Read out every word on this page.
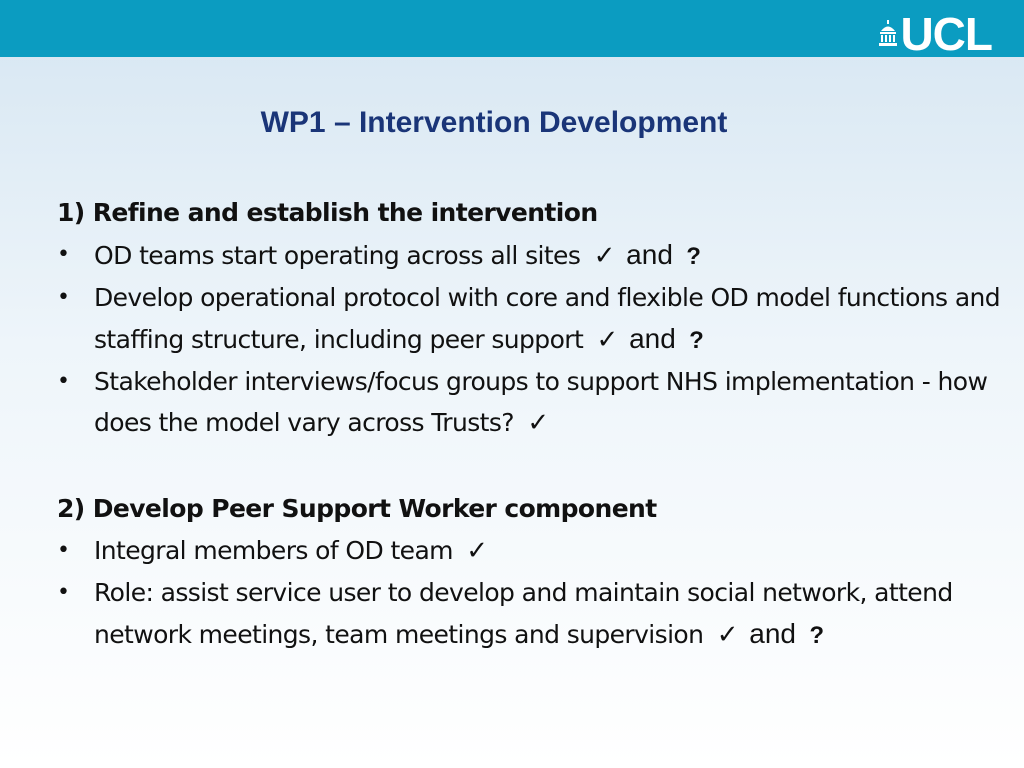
UCL
WP1 – Intervention Development
1) Refine and establish the intervention
• OD teams start operating across all sites ✓ and ?
• Develop operational protocol with core and flexible OD model functions and staffing structure, including peer support ✓ and ?
• Stakeholder interviews/focus groups to support NHS implementation - how does the model vary across Trusts? ✓
2) Develop Peer Support Worker component
• Integral members of OD team ✓
• Role: assist service user to develop and maintain social network, attend network meetings, team meetings and supervision ✓ and ?
